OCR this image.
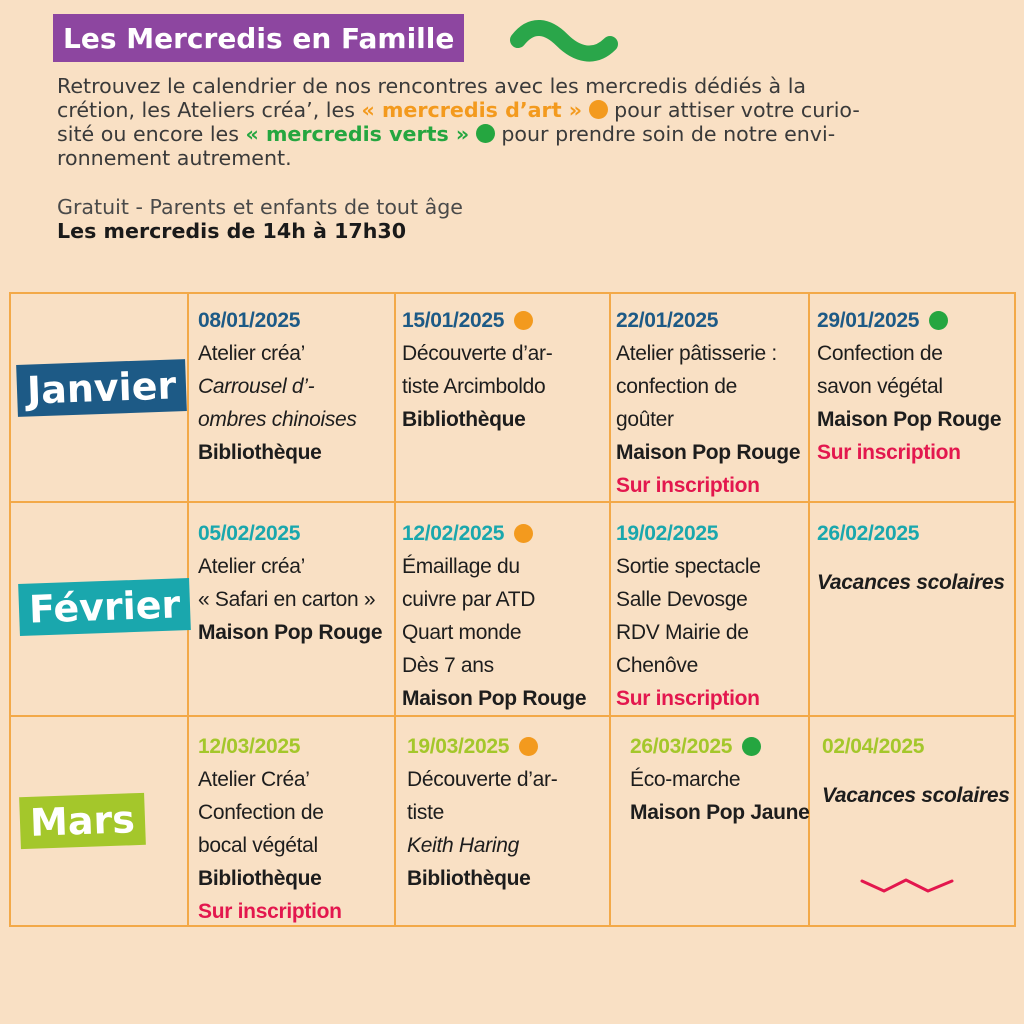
Les Mercredis en Famille

Retrouvez le calendrier de nos rencontres avec les mercredis dédiés à la
crétion, les Ateliers créa’, les « mercredis d’art »  pour attiser votre curio-
sité ou encore les « mercredis verts »  pour prendre soin de notre envi-
ronnement autrement.

Gratuit - Parents et enfants de tout âge
Les mercredis de 14h à 17h30
Janvier
Février
Mars
08/01/2025
Atelier créa’
Carrousel d’-
ombres chinoises
Bibliothèque
15/01/2025
Découverte d’ar-
tiste Arcimboldo
Bibliothèque
22/01/2025
Atelier pâtisserie :
confection de
goûter
Maison Pop Rouge
Sur inscription
29/01/2025
Confection de
savon végétal
Maison Pop Rouge
Sur inscription
05/02/2025
Atelier créa’
« Safari en carton »
Maison Pop Rouge
12/02/2025
Émaillage du
cuivre par ATD
Quart monde
Dès 7 ans
Maison Pop Rouge
19/02/2025
Sortie spectacle
Salle Devosge
RDV Mairie de
Chenôve
Sur inscription
26/02/2025
Vacances scolaires
12/03/2025
Atelier Créa’
Confection de
bocal végétal
Bibliothèque
Sur inscription
19/03/2025
Découverte d’ar-
tiste
Keith Haring
Bibliothèque
26/03/2025
Éco-marche
Maison Pop Jaune
02/04/2025
Vacances scolaires
